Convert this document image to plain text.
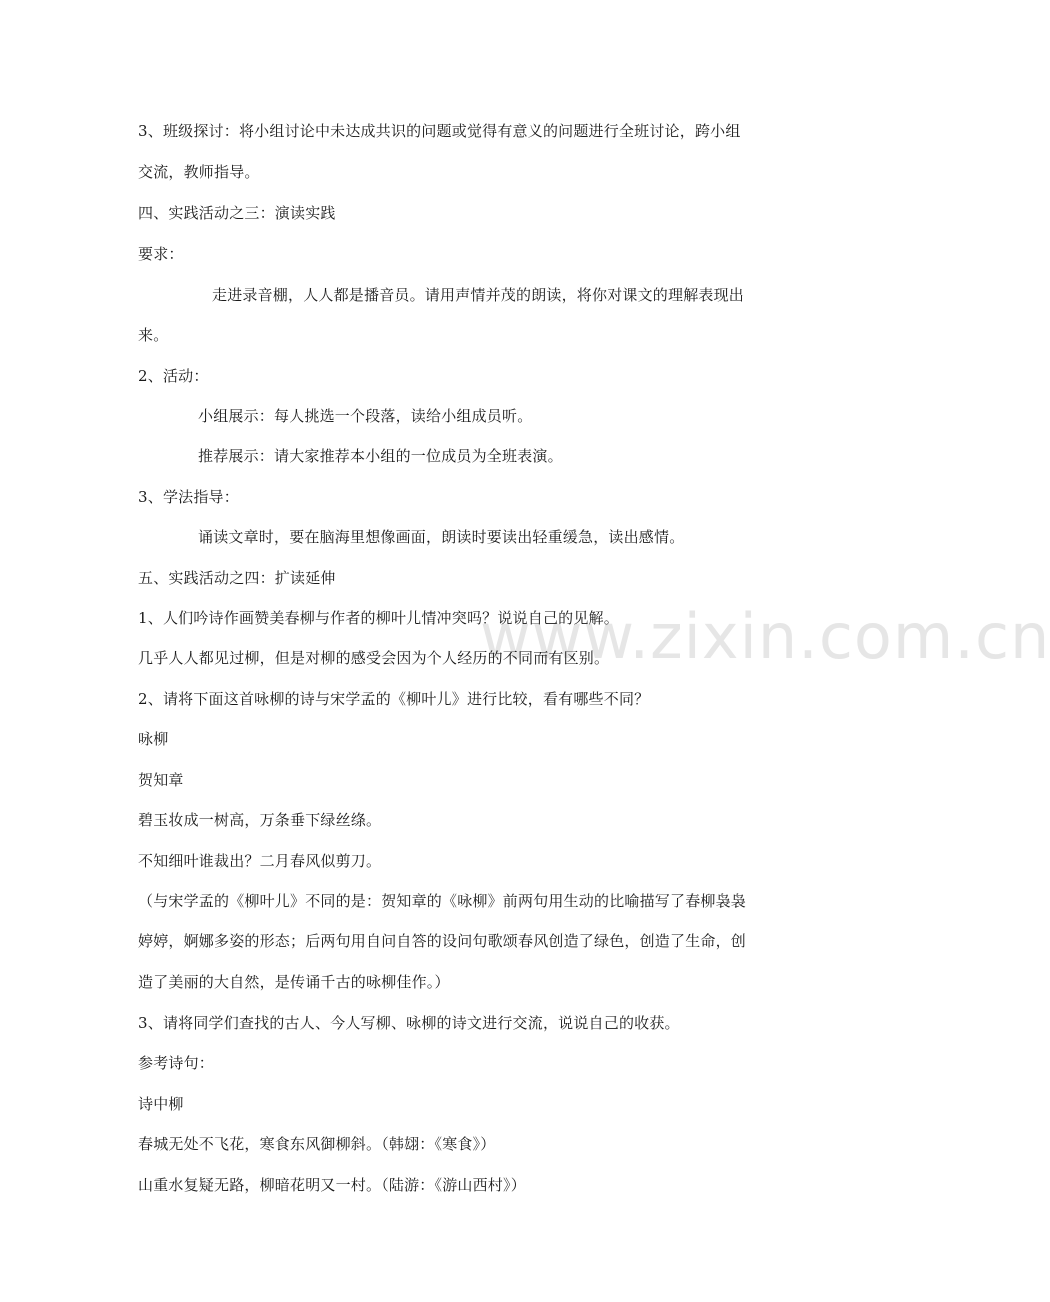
www.zixin.com.cn
3、班级探讨：将小组讨论中未达成共识的问题或觉得有意义的问题进行全班讨论，跨小组
交流，教师指导。
四、实践活动之三：演读实践
要求：
走进录音棚，人人都是播音员。请用声情并茂的朗读，将你对课文的理解表现出
来。
2、活动：
小组展示：每人挑选一个段落，读给小组成员听。
推荐展示：请大家推荐本小组的一位成员为全班表演。
3、学法指导：
诵读文章时，要在脑海里想像画面，朗读时要读出轻重缓急，读出感情。
五、实践活动之四：扩读延伸
1、人们吟诗作画赞美春柳与作者的柳叶儿情冲突吗？说说自己的见解。
几乎人人都见过柳，但是对柳的感受会因为个人经历的不同而有区别。
2、请将下面这首咏柳的诗与宋学孟的《柳叶儿》进行比较，看有哪些不同？
咏柳
贺知章
碧玉妆成一树高，万条垂下绿丝绦。
不知细叶谁裁出？二月春风似剪刀。
（与宋学孟的《柳叶儿》不同的是：贺知章的《咏柳》前两句用生动的比喻描写了春柳袅袅
婷婷，婀娜多姿的形态；后两句用自问自答的设问句歌颂春风创造了绿色，创造了生命，创
造了美丽的大自然，是传诵千古的咏柳佳作。）
3、请将同学们查找的古人、今人写柳、咏柳的诗文进行交流，说说自己的收获。
参考诗句：
诗中柳
春城无处不飞花，寒食东风御柳斜。（韩翃：《寒食》）
山重水复疑无路，柳暗花明又一村。（陆游：《游山西村》）
